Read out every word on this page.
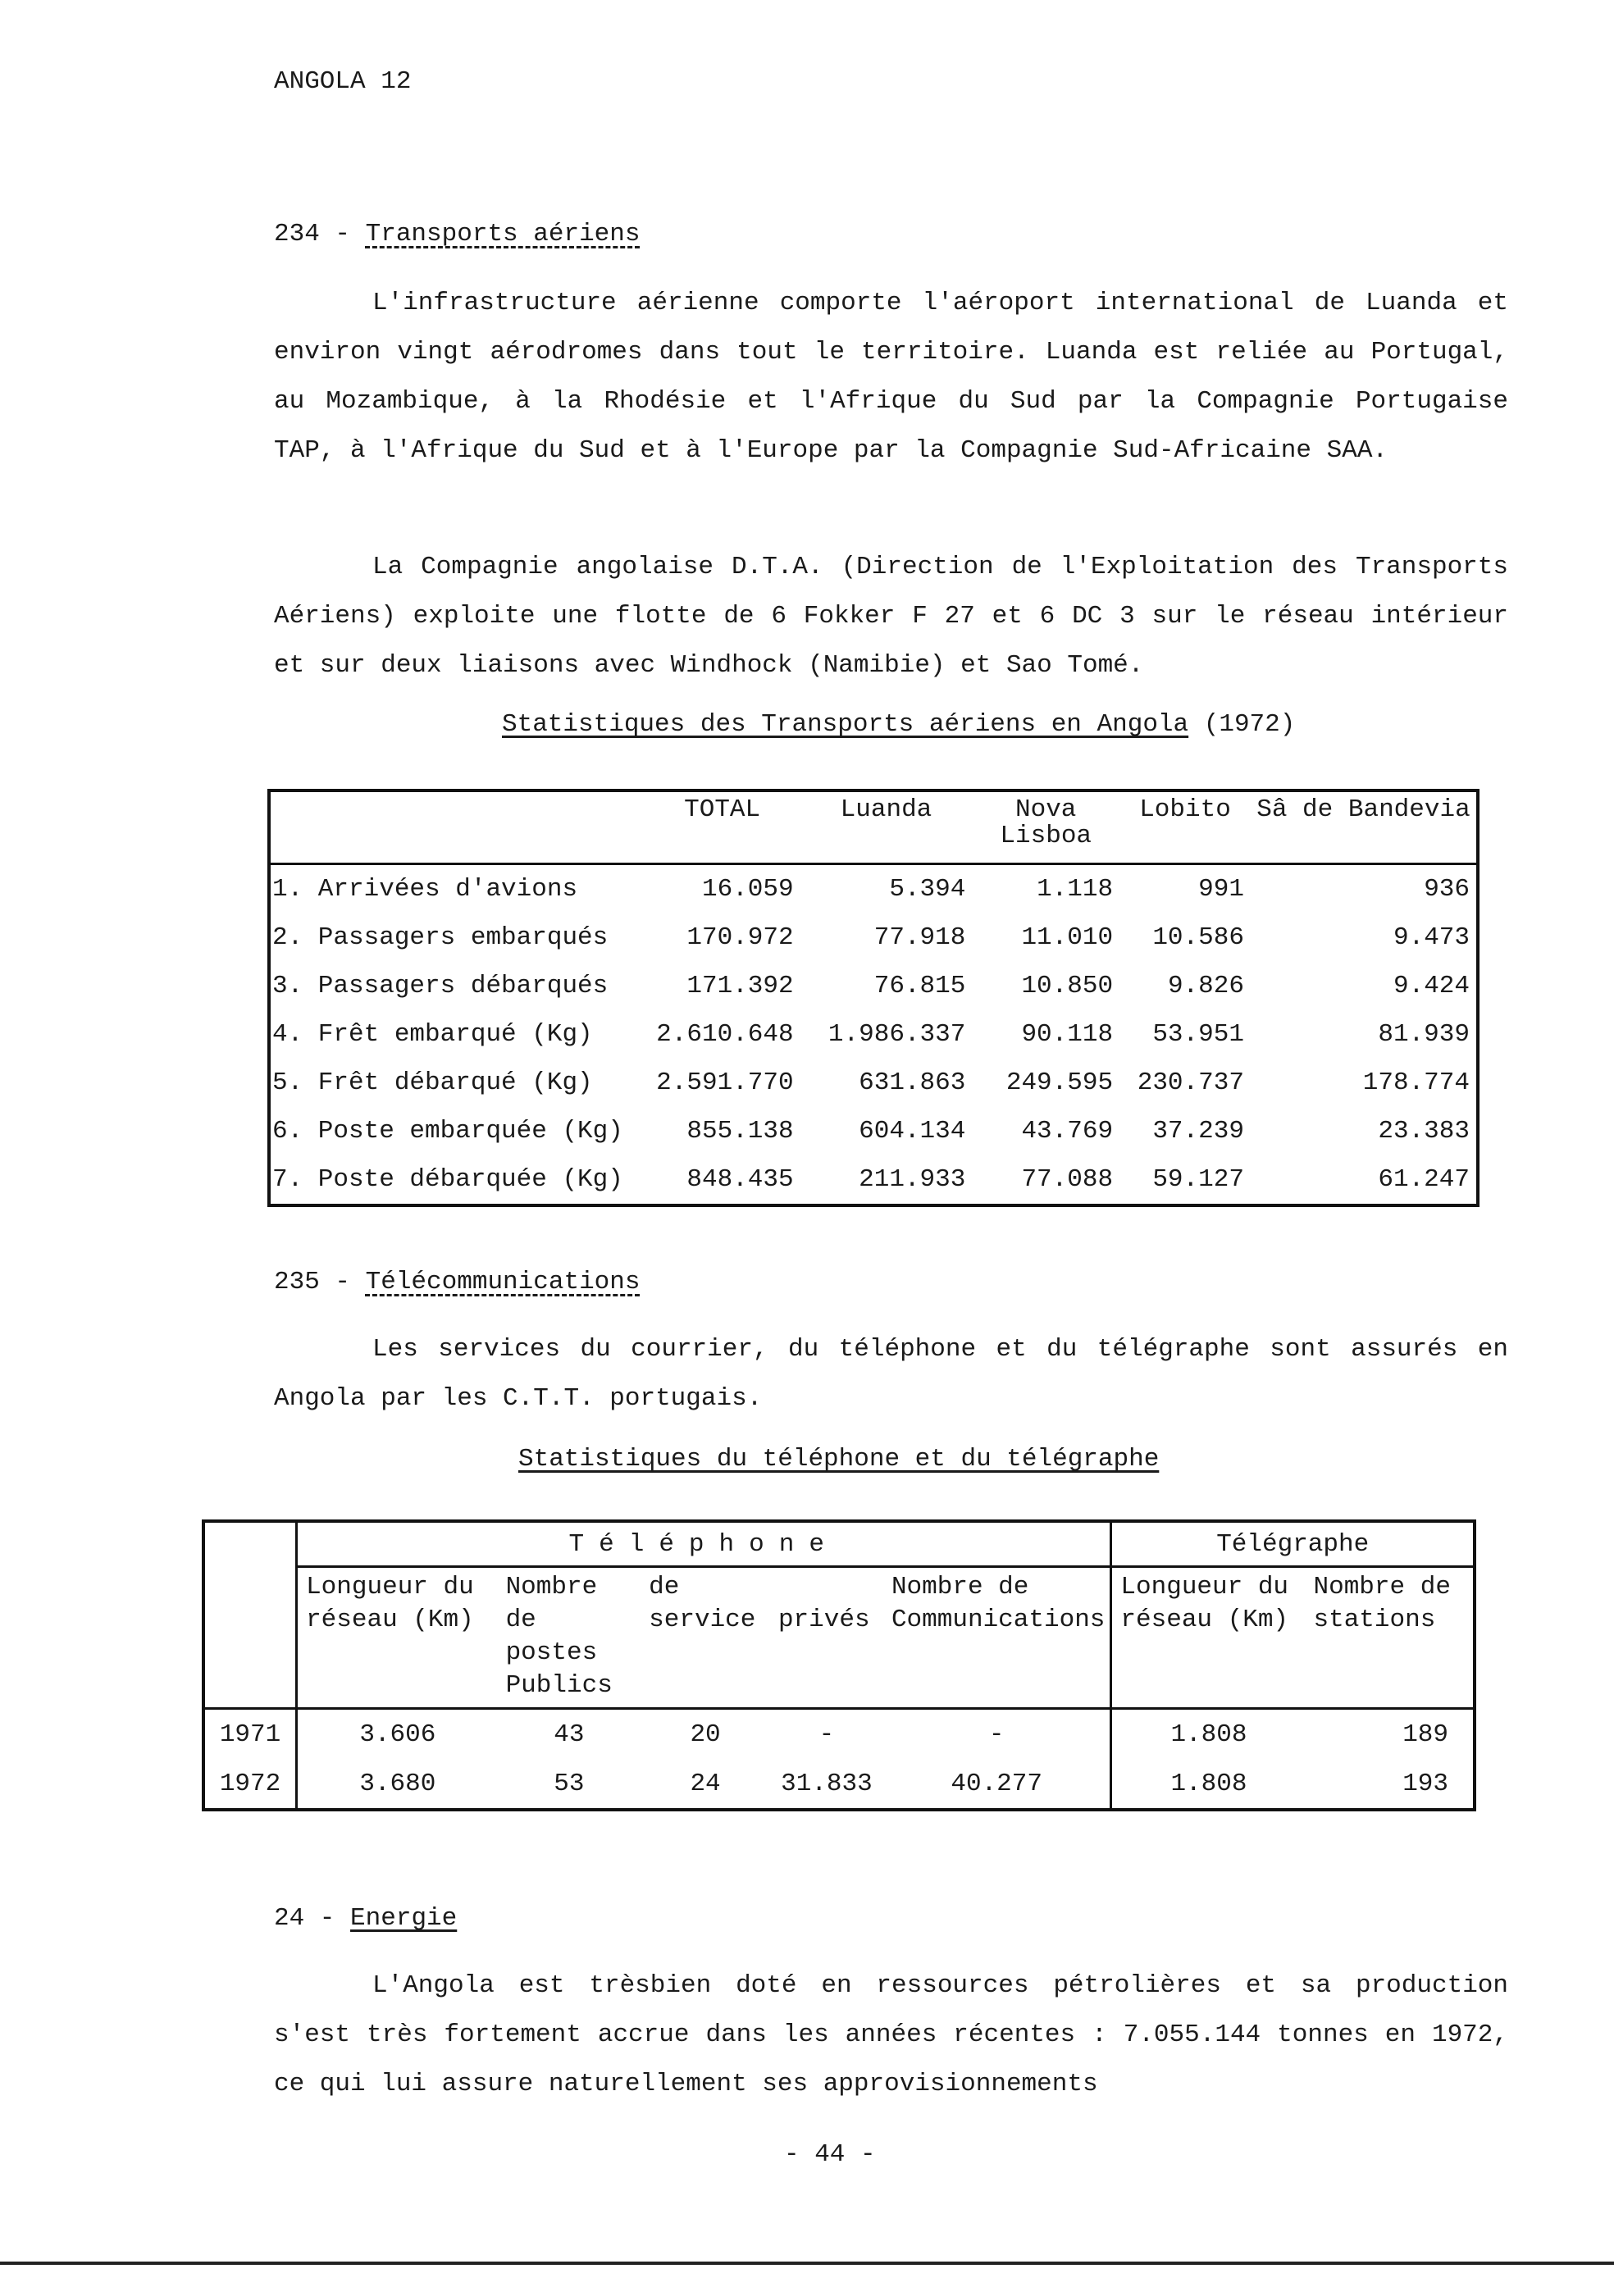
ANGOLA 12
234 - Transports aériens

L'infrastructure aérienne comporte l'aéroport international de Luanda et environ vingt aérodromes dans tout le territoire. Luanda est reliée au Portugal, au Mozambique, à la Rhodésie et l'Afrique du Sud par la Compagnie Portugaise TAP, à l'Afrique du Sud et à l'Europe par la Compagnie Sud-Africaine SAA.

La Compagnie angolaise D.T.A. (Direction de l'Exploitation des Transports Aériens) exploite une flotte de 6 Fokker F 27 et 6 DC 3 sur le réseau intérieur et sur deux liaisons avec Windhock (Namibie) et Sao Tomé.

Statistiques des Transports aériens en Angola (1972)
	TOTAL	Luanda	Nova Lisboa	Lobito	Sâ de Bandevia
1. Arrivées d'avions	16.059	5.394	1.118	991	936
2. Passagers embarqués	170.972	77.918	11.010	10.586	9.473
3. Passagers débarqués	171.392	76.815	10.850	9.826	9.424
4. Frêt embarqué (Kg)	2.610.648	1.986.337	90.118	53.951	81.939
5. Frêt débarqué (Kg)	2.591.770	631.863	249.595	230.737	178.774
6. Poste embarquée (Kg)	855.138	604.134	43.769	37.239	23.383
7. Poste débarquée (Kg)	848.435	211.933	77.088	59.127	61.247
235 - Télécommunications

Les services du courrier, du téléphone et du télégraphe sont assurés en Angola par les C.T.T. portugais.

Statistiques du téléphone et du télégraphe
	Téléphone					Télégraphe	
	Longueur du réseau (Km)	Nombre de postes Publics	de service	privés	Nombre de Communications	Longueur du réseau (Km)	Nombre de stations
1971	3.606	43	20	-	-	1.808	189
1972	3.680	53	24	31.833	40.277	1.808	193
24 - Energie

L'Angola est trèsbien doté en ressources pétrolières et sa production s'est très fortement accrue dans les années récentes : 7.055.144 tonnes en 1972, ce qui lui assure naturellement ses approvisionnements

- 44 -
